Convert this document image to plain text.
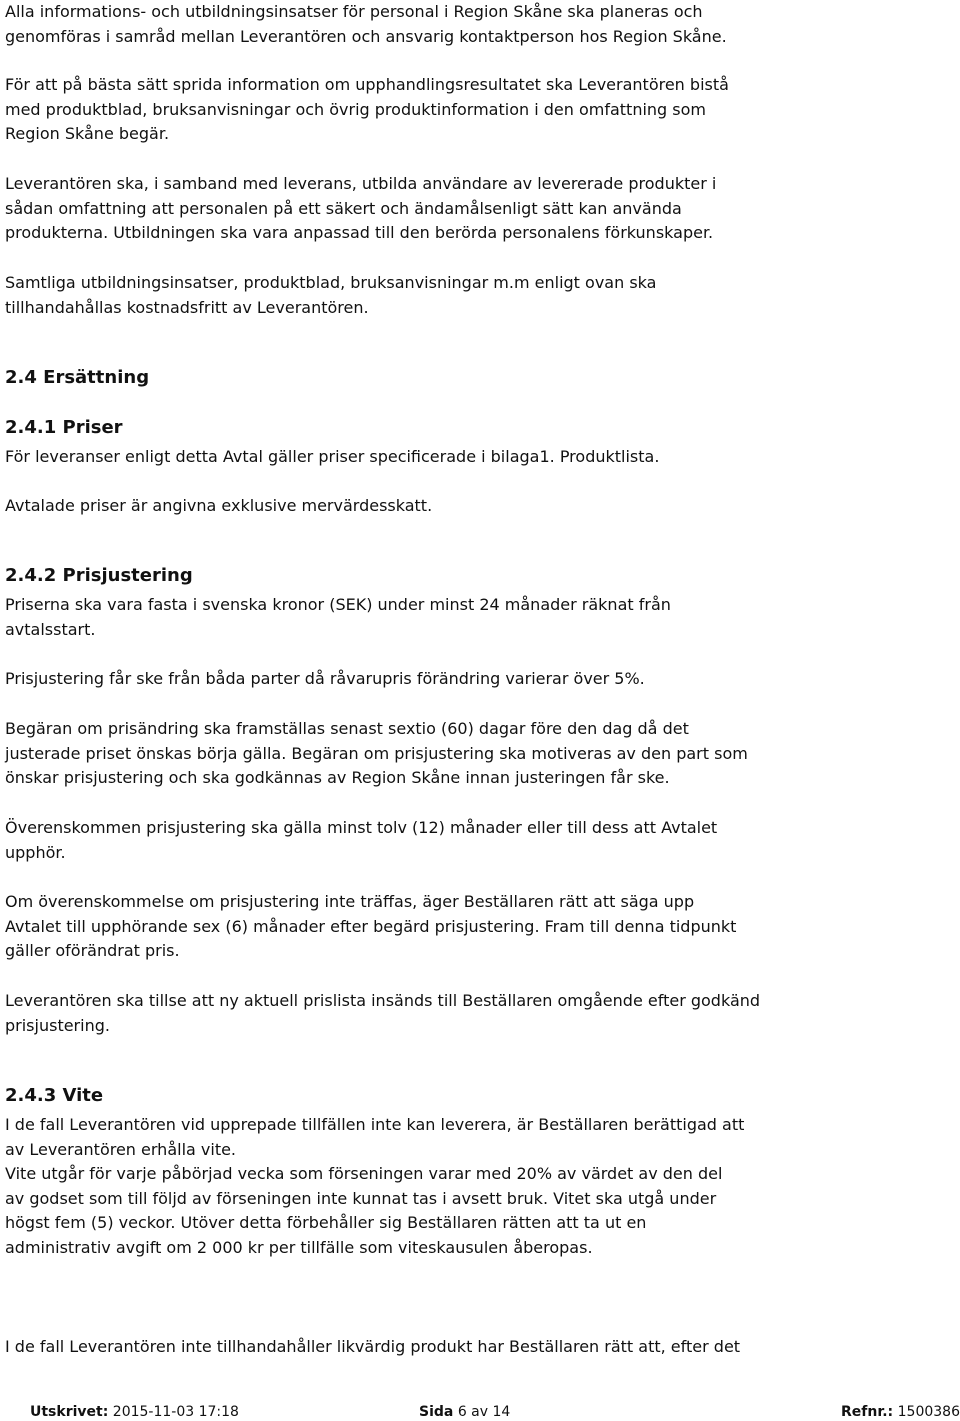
Alla informations- och utbildningsinsatser för personal i Region Skåne ska planeras och
genomföras i samråd mellan Leverantören och ansvarig kontaktperson hos Region Skåne.
För att på bästa sätt sprida information om upphandlingsresultatet ska Leverantören bistå
med produktblad, bruksanvisningar och övrig produktinformation i den omfattning som
Region Skåne begär.
Leverantören ska, i samband med leverans, utbilda användare av levererade produkter i
sådan omfattning att personalen på ett säkert och ändamålsenligt sätt kan använda
produkterna. Utbildningen ska vara anpassad till den berörda personalens förkunskaper.
Samtliga utbildningsinsatser, produktblad, bruksanvisningar m.m enligt ovan ska
tillhandahållas kostnadsfritt av Leverantören.
2.4 Ersättning
2.4.1 Priser
För leveranser enligt detta Avtal gäller priser specificerade i bilaga1. Produktlista.
Avtalade priser är angivna exklusive mervärdesskatt.
2.4.2 Prisjustering
Priserna ska vara fasta i svenska kronor (SEK) under minst 24 månader räknat från
avtalsstart.
Prisjustering får ske från båda parter då råvarupris förändring varierar över 5%.
Begäran om prisändring ska framställas senast sextio (60) dagar före den dag då det
justerade priset önskas börja gälla. Begäran om prisjustering ska motiveras av den part som
önskar prisjustering och ska godkännas av Region Skåne innan justeringen får ske.
Överenskommen prisjustering ska gälla minst tolv (12) månader eller till dess att Avtalet
upphör.
Om överenskommelse om prisjustering inte träffas, äger Beställaren rätt att säga upp
Avtalet till upphörande sex (6) månader efter begärd prisjustering. Fram till denna tidpunkt
gäller oförändrat pris.
Leverantören ska tillse att ny aktuell prislista insänds till Beställaren omgående efter godkänd
prisjustering.
2.4.3 Vite
I de fall Leverantören vid upprepade tillfällen inte kan leverera, är Beställaren berättigad att
av Leverantören erhålla vite.
Vite utgår för varje påbörjad vecka som förseningen varar med 20% av värdet av den del
av godset som till följd av förseningen inte kunnat tas i avsett bruk. Vitet ska utgå under
högst fem (5) veckor. Utöver detta förbehåller sig Beställaren rätten att ta ut en
administrativ avgift om 2 000 kr per tillfälle som viteskausulen åberopas.
I de fall Leverantören inte tillhandahåller likvärdig produkt har Beställaren rätt att, efter det
Utskrivet: 2015-11-03 17:18	Sida 6 av 14	Refnr.: 1500386
